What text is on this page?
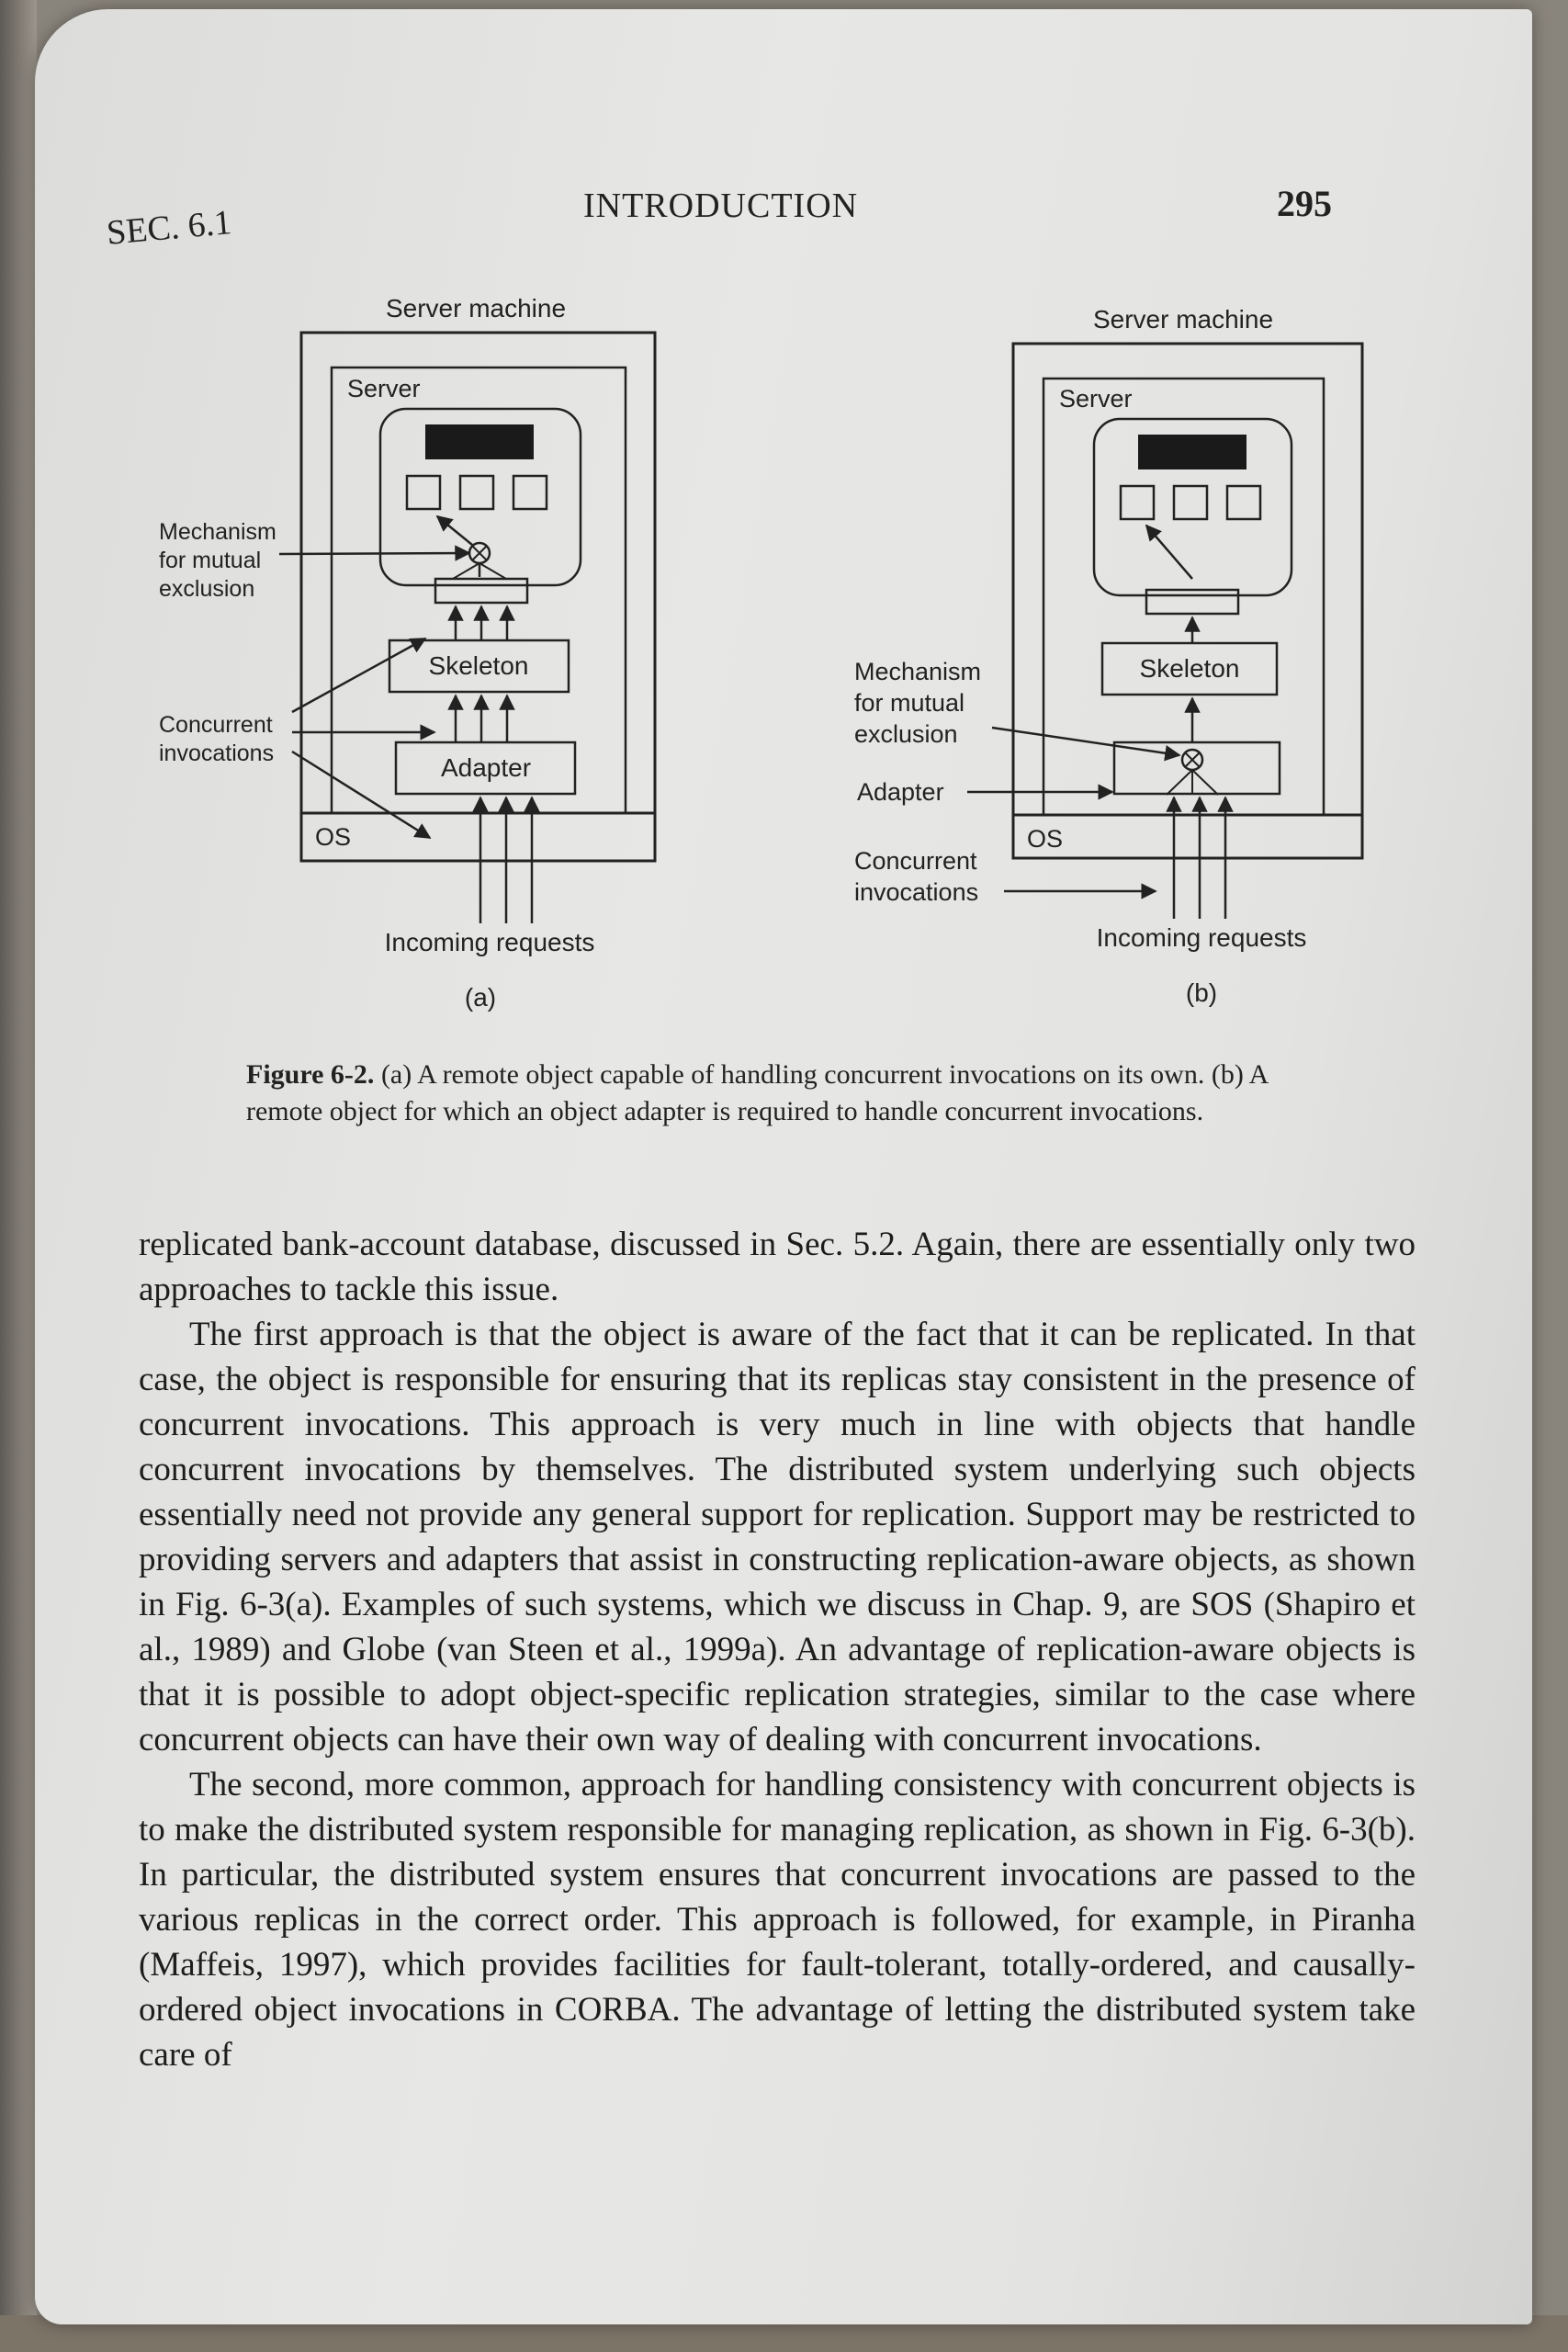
SEC. 6.1	INTRODUCTION	295
Server machine
Server
Skeleton
Adapter
OS
Incoming requests
(a)
Mechanism for mutual exclusion
Concurrent invocations
Server machine
Server
Skeleton
OS
Incoming requests
(b)
Mechanism for mutual exclusion
Adapter
Concurrent invocations
Figure 6-2. (a) A remote object capable of handling concurrent invocations on its own. (b) A remote object for which an object adapter is required to handle concurrent invocations.

replicated bank-account database, discussed in Sec. 5.2. Again, there are essentially only two approaches to tackle this issue.

The first approach is that the object is aware of the fact that it can be replicated. In that case, the object is responsible for ensuring that its replicas stay consistent in the presence of concurrent invocations. This approach is very much in line with objects that handle concurrent invocations by themselves. The distributed system underlying such objects essentially need not provide any general support for replication. Support may be restricted to providing servers and adapters that assist in constructing replication-aware objects, as shown in Fig. 6-3(a). Examples of such systems, which we discuss in Chap. 9, are SOS (Shapiro et al., 1989) and Globe (van Steen et al., 1999a). An advantage of replication-aware objects is that it is possible to adopt object-specific replication strategies, similar to the case where concurrent objects can have their own way of dealing with concurrent invocations.

The second, more common, approach for handling consistency with concurrent objects is to make the distributed system responsible for managing replication, as shown in Fig. 6-3(b). In particular, the distributed system ensures that concurrent invocations are passed to the various replicas in the correct order. This approach is followed, for example, in Piranha (Maffeis, 1997), which provides facilities for fault-tolerant, totally-ordered, and causally-ordered object invocations in CORBA. The advantage of letting the distributed system take care of
